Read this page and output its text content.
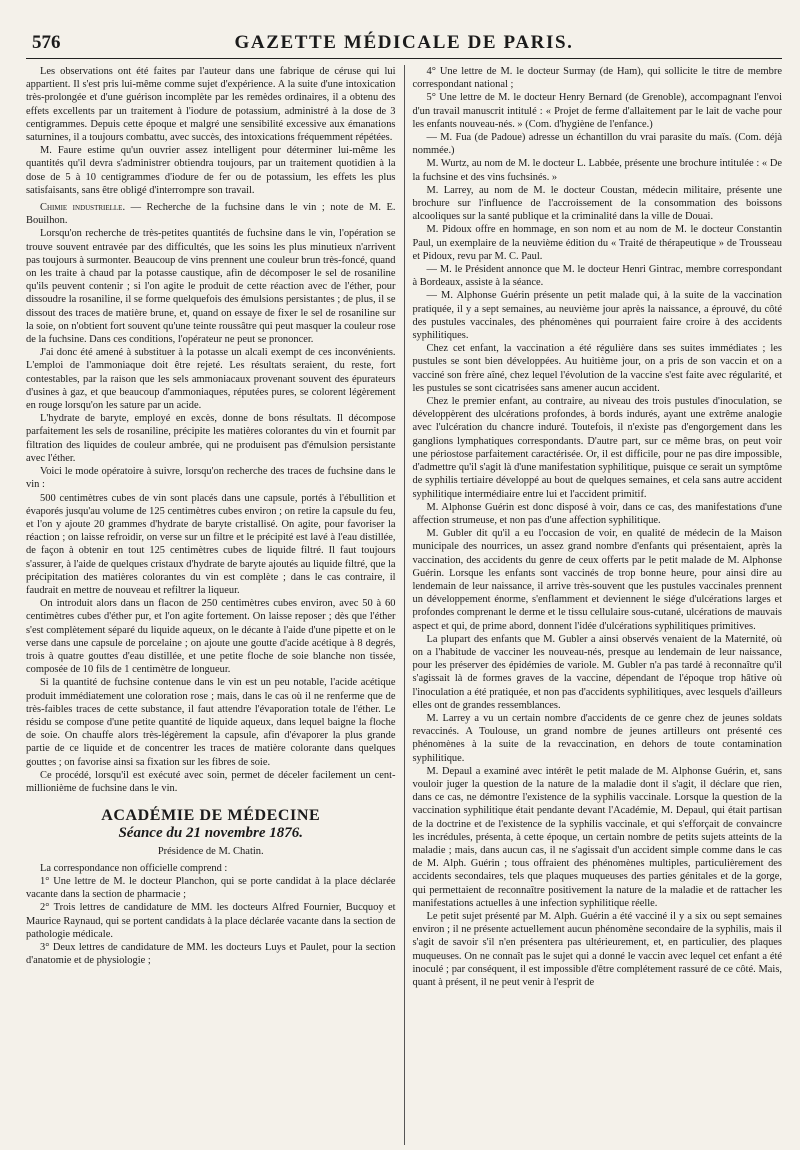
576	GAZETTE MÉDICALE DE PARIS.

Les observations ont été faites par l'auteur dans une fabrique de céruse qui lui appartient. Il s'est pris lui-même comme sujet d'expérience. A la suite d'une intoxication très-prolongée et d'une guérison incomplète par les remèdes ordinaires, il a obtenu des effets excellents par un traitement à l'iodure de potassium, administré à la dose de 3 centigrammes. Depuis cette époque et malgré une sensibilité excessive aux émanations saturnines, il a toujours combattu, avec succès, des intoxications fréquemment répétées.

M. Faure estime qu'un ouvrier assez intelligent pour déterminer lui-même les quantités qu'il devra s'administrer obtiendra toujours, par un traitement quotidien à la dose de 5 à 10 centigrammes d'iodure de fer ou de potassium, les effets les plus satisfaisants, sans être obligé d'interrompre son travail.

Chimie industrielle. — Recherche de la fuchsine dans le vin ; note de M. E. Bouilhon.

Lorsqu'on recherche de très-petites quantités de fuchsine dans le vin, l'opération se trouve souvent entravée par des difficultés, que les soins les plus minutieux n'arrivent pas toujours à surmonter. Beaucoup de vins prennent une couleur brun très-foncé, quand on les traite à chaud par la potasse caustique, afin de décomposer le sel de rosaniline qu'ils peuvent contenir ; si l'on agite le produit de cette réaction avec de l'éther, pour dissoudre la rosaniline, il se forme quelquefois des émulsions persistantes ; de plus, il se dissout des traces de matière brune, et, quand on essaye de fixer le sel de rosaniline sur la soie, on n'obtient fort souvent qu'une teinte roussâtre qui peut masquer la couleur rose de la fuchsine. Dans ces conditions, l'opérateur ne peut se prononcer.

J'ai donc été amené à substituer à la potasse un alcali exempt de ces inconvénients. L'emploi de l'ammoniaque doit être rejeté. Les résultats seraient, du reste, fort contestables, par la raison que les sels ammoniacaux provenant souvent des épurateurs d'usines à gaz, et que beaucoup d'ammoniaques, réputées pures, se colorent légèrement en rouge lorsqu'on les sature par un acide.

L'hydrate de baryte, employé en excès, donne de bons résultats. Il décompose parfaitement les sels de rosaniline, précipite les matières colorantes du vin et fournit par filtration des liquides de couleur ambrée, qui ne produisent pas d'émulsion persistante avec l'éther.

Voici le mode opératoire à suivre, lorsqu'on recherche des traces de fuchsine dans le vin :

500 centimètres cubes de vin sont placés dans une capsule, portés à l'ébullition et évaporés jusqu'au volume de 125 centimètres cubes environ ; on retire la capsule du feu, et l'on y ajoute 20 grammes d'hydrate de baryte cristallisé. On agite, pour favoriser la réaction ; on laisse refroidir, on verse sur un filtre et le précipité est lavé à l'eau distillée, de façon à obtenir en tout 125 centimètres cubes de liquide filtré. Il faut toujours s'assurer, à l'aide de quelques cristaux d'hydrate de baryte ajoutés au liquide filtré, que la précipitation des matières colorantes du vin est complète ; dans le cas contraire, il faudrait en mettre de nouveau et refiltrer la liqueur.

On introduit alors dans un flacon de 250 centimètres cubes environ, avec 50 à 60 centimètres cubes d'éther pur, et l'on agite fortement. On laisse reposer ; dès que l'éther s'est complètement séparé du liquide aqueux, on le décante à l'aide d'une pipette et on le verse dans une capsule de porcelaine ; on ajoute une goutte d'acide acétique à 8 degrés, trois à quatre gouttes d'eau distillée, et une petite floche de soie blanche non tissée, composée de 10 fils de 1 centimètre de longueur.

Si la quantité de fuchsine contenue dans le vin est un peu notable, l'acide acétique produit immédiatement une coloration rose ; mais, dans le cas où il ne renferme que de très-faibles traces de cette substance, il faut attendre l'évaporation totale de l'éther. Le résidu se compose d'une petite quantité de liquide aqueux, dans lequel baigne la floche de soie. On chauffe alors très-légèrement la capsule, afin d'évaporer la plus grande partie de ce liquide et de concentrer les traces de matière colorante dans quelques gouttes ; on favorise ainsi sa fixation sur les fibres de soie.

Ce procédé, lorsqu'il est exécuté avec soin, permet de déceler facilement un cent-millionième de fuchsine dans le vin.

ACADÉMIE DE MÉDECINE
Séance du 21 novembre 1876.
Présidence de M. Chatin.

La correspondance non officielle comprend :

1° Une lettre de M. le docteur Planchon, qui se porte candidat à la place déclarée vacante dans la section de pharmacie ;

2° Trois lettres de candidature de MM. les docteurs Alfred Fournier, Bucquoy et Maurice Raynaud, qui se portent candidats à la place déclarée vacante dans la section de pathologie médicale.

3° Deux lettres de candidature de MM. les docteurs Luys et Paulet, pour la section d'anatomie et de physiologie ;

4° Une lettre de M. le docteur Surmay (de Ham), qui sollicite le titre de membre correspondant national ;

5° Une lettre de M. le docteur Henry Bernard (de Grenoble), accompagnant l'envoi d'un travail manuscrit intitulé : « Projet de ferme d'allaitement par le lait de vache pour les enfants nouveau-nés. » (Com. d'hygiène de l'enfance.)

— M. Fua (de Padoue) adresse un échantillon du vrai parasite du maïs. (Com. déjà nommée.)

M. Wurtz, au nom de M. le docteur L. Labbée, présente une brochure intitulée : « De la fuchsine et des vins fuchsinés. »

M. Larrey, au nom de M. le docteur Coustan, médecin militaire, présente une brochure sur l'influence de l'accroissement de la consommation des boissons alcooliques sur la santé publique et la criminalité dans la ville de Douai.

M. Pidoux offre en hommage, en son nom et au nom de M. le docteur Constantin Paul, un exemplaire de la neuvième édition du « Traité de thérapeutique » de Trousseau et Pidoux, revu par M. C. Paul.

— M. le Président annonce que M. le docteur Henri Gintrac, membre correspondant à Bordeaux, assiste à la séance.

— M. Alphonse Guérin présente un petit malade qui, à la suite de la vaccination pratiquée, il y a sept semaines, au neuvième jour après la naissance, a éprouvé, du côté des pustules vaccinales, des phénomènes qui pourraient faire croire à des accidents syphilitiques.

Chez cet enfant, la vaccination a été régulière dans ses suites immédiates ; les pustules se sont bien développées. Au huitième jour, on a pris de son vaccin et on a vacciné son frère aîné, chez lequel l'évolution de la vaccine s'est faite avec régularité, et les pustules se sont cicatrisées sans amener aucun accident.

Chez le premier enfant, au contraire, au niveau des trois pustules d'inoculation, se développèrent des ulcérations profondes, à bords indurés, ayant une extrême analogie avec l'ulcération du chancre induré. Toutefois, il n'existe pas d'engorgement dans les ganglions lymphatiques correspondants. D'autre part, sur ce même bras, on peut voir une périostose parfaitement caractérisée. Or, il est difficile, pour ne pas dire impossible, d'admettre qu'il s'agit là d'une manifestation syphilitique, puisque ce serait un symptôme de syphilis tertiaire développé au bout de quelques semaines, et cela sans autre accident syphilitique intermédiaire entre lui et l'accident primitif.

M. Alphonse Guérin est donc disposé à voir, dans ce cas, des manifestations d'une affection strumeuse, et non pas d'une affection syphilitique.

M. Gubler dit qu'il a eu l'occasion de voir, en qualité de médecin de la Maison municipale des nourrices, un assez grand nombre d'enfants qui présentaient, après la vaccination, des accidents du genre de ceux offerts par le petit malade de M. Alphonse Guérin. Lorsque les enfants sont vaccinés de trop bonne heure, pour ainsi dire au lendemain de leur naissance, il arrive très-souvent que les pustules vaccinales prennent un développement énorme, s'enflamment et deviennent le siége d'ulcérations larges et profondes comprenant le derme et le tissu cellulaire sous-cutané, ulcérations de mauvais aspect et qui, de prime abord, donnent l'idée d'ulcérations syphilitiques primitives.

La plupart des enfants que M. Gubler a ainsi observés venaient de la Maternité, où on a l'habitude de vacciner les nouveau-nés, presque au lendemain de leur naissance, pour les préserver des épidémies de variole. M. Gubler n'a pas tardé à reconnaître qu'il s'agissait là de formes graves de la vaccine, dépendant de l'époque trop hâtive où l'inoculation a été pratiquée, et non pas d'accidents syphilitiques, avec lesquels d'ailleurs elles ont de grandes ressemblances.

M. Larrey a vu un certain nombre d'accidents de ce genre chez de jeunes soldats revaccinés. A Toulouse, un grand nombre de jeunes artilleurs ont présenté ces phénomènes à la suite de la revaccination, en dehors de toute contamination syphilitique.

M. Depaul a examiné avec intérêt le petit malade de M. Alphonse Guérin, et, sans vouloir juger la question de la nature de la maladie dont il s'agit, il déclare que rien, dans ce cas, ne démontre l'existence de la syphilis vaccinale. Lorsque la question de la vaccination syphilitique était pendante devant l'Académie, M. Depaul, qui était partisan de la doctrine et de l'existence de la syphilis vaccinale, et qui s'efforçait de convaincre les incrédules, présenta, à cette époque, un certain nombre de petits sujets atteints de la maladie ; mais, dans aucun cas, il ne s'agissait d'un accident simple comme dans le cas de M. Alph. Guérin ; tous offraient des phénomènes multiples, particulièrement des accidents secondaires, tels que plaques muqueuses des parties génitales et de la gorge, qui permettaient de reconnaître positivement la nature de la maladie et de rattacher les manifestations actuelles à une infection syphilitique réelle.

Le petit sujet présenté par M. Alph. Guérin a été vacciné il y a six ou sept semaines environ ; il ne présente actuellement aucun phénomène secondaire de la syphilis, mais il s'agit de savoir s'il n'en présentera pas ultérieurement, et, en particulier, des plaques muqueuses. On ne connaît pas le sujet qui a donné le vaccin avec lequel cet enfant a été inoculé ; par conséquent, il est impossible d'être complétement rassuré de ce côté. Mais, quant à présent, il ne peut venir à l'esprit de
